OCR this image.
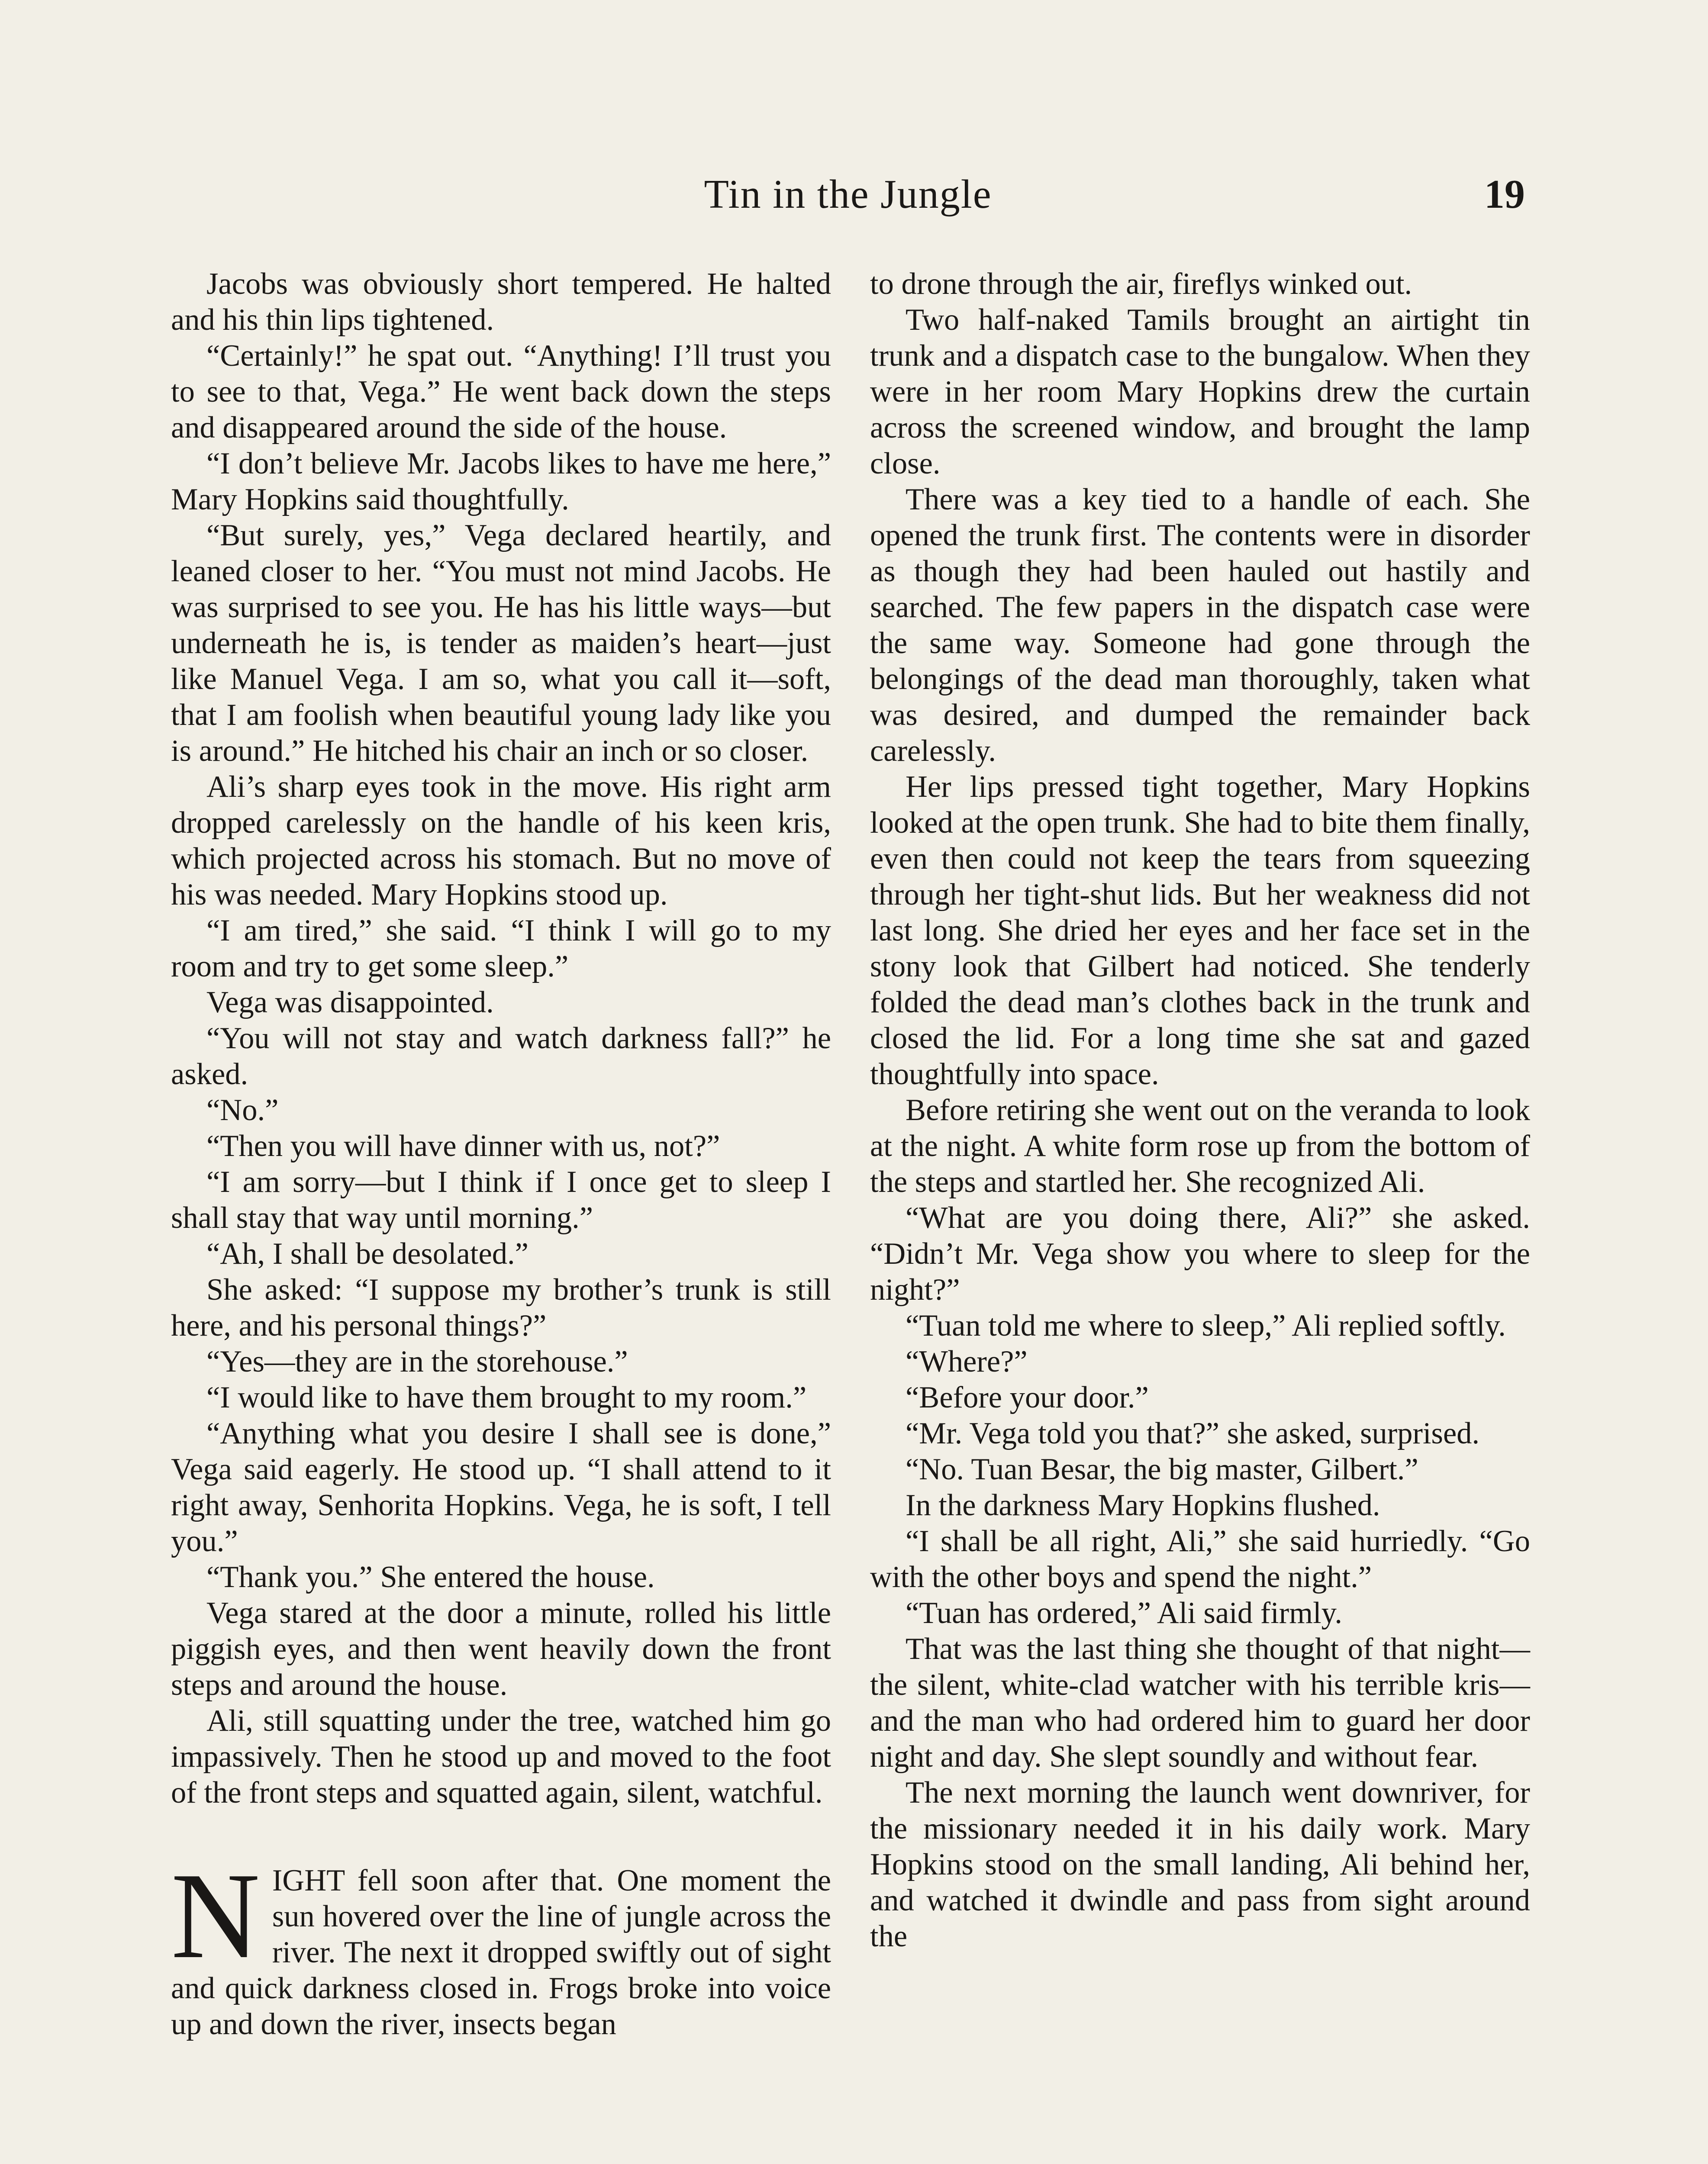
Tin in the Jungle	19

Jacobs was obviously short tempered. He halted and his thin lips tightened.

“Certainly!” he spat out. “Anything! I’ll trust you to see to that, Vega.” He went back down the steps and disappeared around the side of the house.

“I don’t believe Mr. Jacobs likes to have me here,” Mary Hopkins said thoughtfully.

“But surely, yes,” Vega declared heartily, and leaned closer to her. “You must not mind Jacobs. He was surprised to see you. He has his little ways—but underneath he is, is tender as maiden’s heart—just like Manuel Vega. I am so, what you call it—soft, that I am foolish when beautiful young lady like you is around.” He hitched his chair an inch or so closer.

Ali’s sharp eyes took in the move. His right arm dropped carelessly on the handle of his keen kris, which projected across his stomach. But no move of his was needed. Mary Hopkins stood up.

“I am tired,” she said. “I think I will go to my room and try to get some sleep.”

Vega was disappointed.

“You will not stay and watch darkness fall?” he asked.

“No.”

“Then you will have dinner with us, not?”

“I am sorry—but I think if I once get to sleep I shall stay that way until morning.”

“Ah, I shall be desolated.”

She asked: “I suppose my brother’s trunk is still here, and his personal things?”

“Yes—they are in the storehouse.”

“I would like to have them brought to my room.”

“Anything what you desire I shall see is done,” Vega said eagerly. He stood up. “I shall attend to it right away, Senhorita Hopkins. Vega, he is soft, I tell you.”

“Thank you.” She entered the house.

Vega stared at the door a minute, rolled his little piggish eyes, and then went heavily down the front steps and around the house.

Ali, still squatting under the tree, watched him go impassively. Then he stood up and moved to the foot of the front steps and squatted again, silent, watchful.

NIGHT fell soon after that. One moment the sun hovered over the line of jungle across the river. The next it dropped swiftly out of sight and quick darkness closed in. Frogs broke into voice up and down the river, insects began

to drone through the air, fireflys winked out.

Two half-naked Tamils brought an airtight tin trunk and a dispatch case to the bungalow. When they were in her room Mary Hopkins drew the curtain across the screened window, and brought the lamp close.

There was a key tied to a handle of each. She opened the trunk first. The contents were in disorder as though they had been hauled out hastily and searched. The few papers in the dispatch case were the same way. Someone had gone through the belongings of the dead man thoroughly, taken what was desired, and dumped the remainder back carelessly.

Her lips pressed tight together, Mary Hopkins looked at the open trunk. She had to bite them finally, even then could not keep the tears from squeezing through her tight-shut lids. But her weakness did not last long. She dried her eyes and her face set in the stony look that Gilbert had noticed. She tenderly folded the dead man’s clothes back in the trunk and closed the lid. For a long time she sat and gazed thoughtfully into space.

Before retiring she went out on the veranda to look at the night. A white form rose up from the bottom of the steps and startled her. She recognized Ali.

“What are you doing there, Ali?” she asked. “Didn’t Mr. Vega show you where to sleep for the night?”

“Tuan told me where to sleep,” Ali replied softly.

“Where?”

“Before your door.”

“Mr. Vega told you that?” she asked, surprised.

“No. Tuan Besar, the big master, Gilbert.”

In the darkness Mary Hopkins flushed.

“I shall be all right, Ali,” she said hurriedly. “Go with the other boys and spend the night.”

“Tuan has ordered,” Ali said firmly.

That was the last thing she thought of that night—the silent, white-clad watcher with his terrible kris—and the man who had ordered him to guard her door night and day. She slept soundly and without fear.

The next morning the launch went downriver, for the missionary needed it in his daily work. Mary Hopkins stood on the small landing, Ali behind her, and watched it dwindle and pass from sight around the
